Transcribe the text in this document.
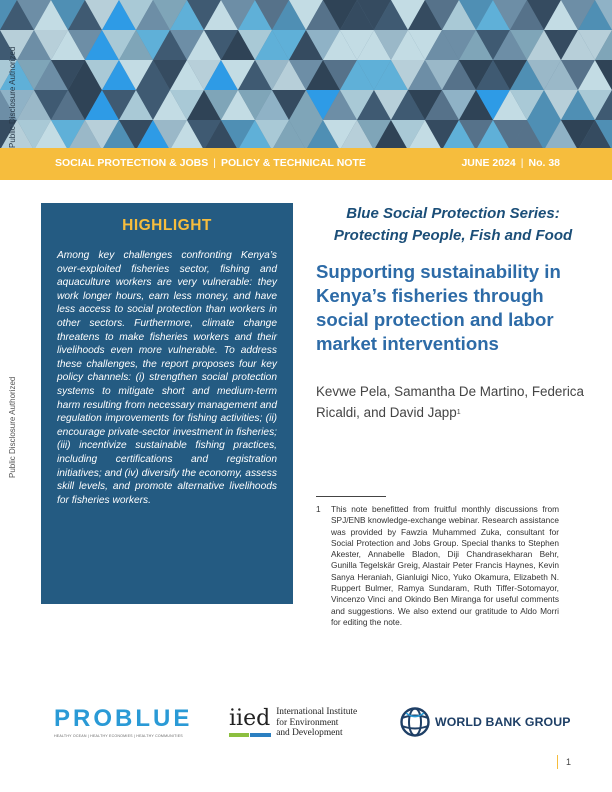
Public Disclosure Authorized
Public Disclosure Authorized
SOCIAL PROTECTION & JOBS | POLICY & TECHNICAL NOTE	JUNE 2024 | No. 38
HIGHLIGHT

Among key challenges confronting Kenya’s over-exploited fisheries sector, fishing and aquaculture workers are very vulnerable: they work longer hours, earn less money, and have less access to social protection than workers in other sectors. Furthermore, climate change threatens to make fisheries workers and their livelihoods even more vulnerable. To address these challenges, the report proposes four key policy channels: (i) strengthen social protection systems to mitigate short and medium-term harm resulting from necessary management and regulation improvements for fishing activities; (ii) encourage private-sector investment in fisheries; (iii) incentivize sustainable fishing practices, including certifications and registration initiatives; and (iv) diversify the economy, assess skill levels, and promote alternative livelihoods for fisheries workers.

Blue Social Protection Series:
Protecting People, Fish and Food
Supporting sustainability in Kenya’s fisheries through social protection and labor market interventions
Kevwe Pela, Samantha De Martino, Federica Ricaldi, and David Japp$^1$
1 This note benefitted from fruitful monthly discussions from SPJ/ENB knowledge-exchange webinar. Research assistance was provided by Fawzia Muhammed Zuka, consultant for Social Protection and Jobs Group. Special thanks to Stephen Akester, Annabelle Bladon, Diji Chandrasekharan Behr, Gunilla Tegelskär Greig, Alastair Peter Francis Haynes, Kevin Sanya Heraniah, Gianluigi Nico, Yuko Okamura, Elizabeth N. Ruppert Bulmer, Ramya Sundaram, Ruth Tiffer-Sotomayor, Vincenzo Vinci and Okindo Ben Miranga for useful comments and suggestions. We also extend our gratitude to Aldo Morri for editing the note.
PROBLUE
HEALTHY OCEAN | HEALTHY ECONOMIES | HEALTHY COMMUNITIES
iied International Institute
for Environment
and Development
WORLD BANK GROUP
1
